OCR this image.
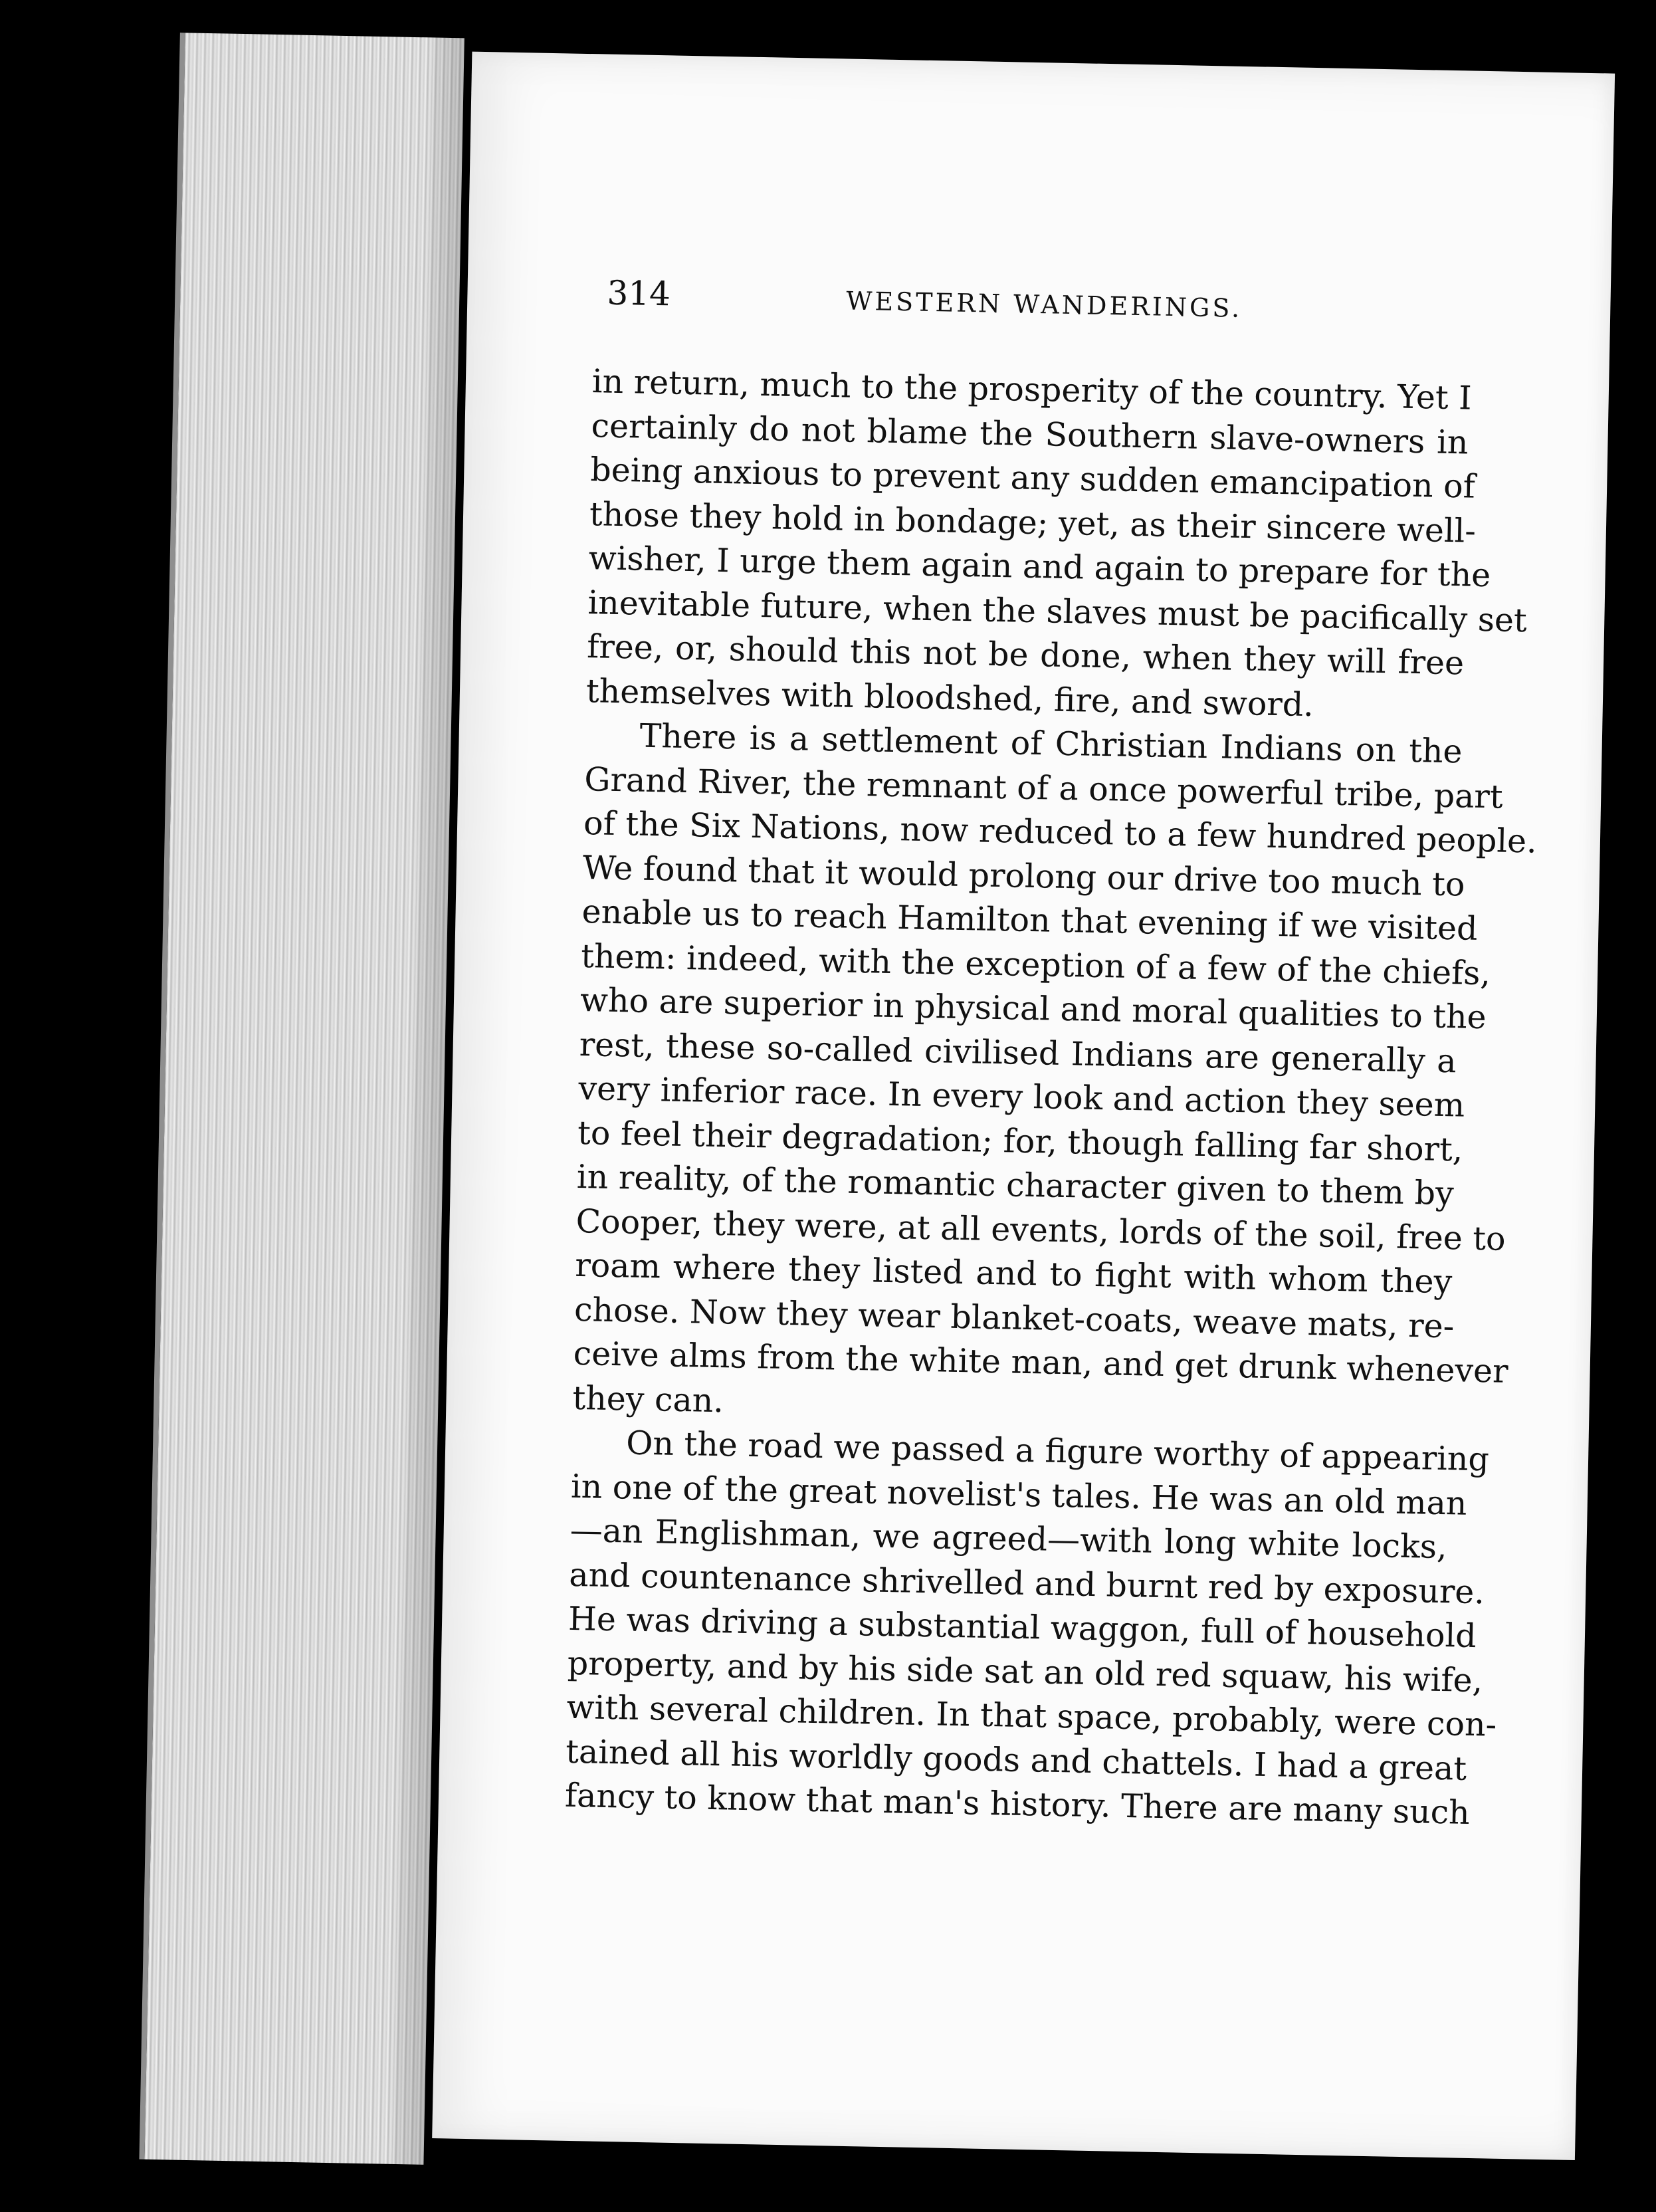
314	WESTERN WANDERINGS.
in return, much to the prosperity of the country. Yet I
certainly do not blame the Southern slave-owners in
being anxious to prevent any sudden emancipation of
those they hold in bondage; yet, as their sincere well-
wisher, I urge them again and again to prepare for the
inevitable future, when the slaves must be pacifically set
free, or, should this not be done, when they will free
themselves with bloodshed, fire, and sword.
There is a settlement of Christian Indians on the
Grand River, the remnant of a once powerful tribe, part
of the Six Nations, now reduced to a few hundred people.
We found that it would prolong our drive too much to
enable us to reach Hamilton that evening if we visited
them: indeed, with the exception of a few of the chiefs,
who are superior in physical and moral qualities to the
rest, these so-called civilised Indians are generally a
very inferior race. In every look and action they seem
to feel their degradation; for, though falling far short,
in reality, of the romantic character given to them by
Cooper, they were, at all events, lords of the soil, free to
roam where they listed and to fight with whom they
chose. Now they wear blanket-coats, weave mats, re-
ceive alms from the white man, and get drunk whenever
they can.
On the road we passed a figure worthy of appearing
in one of the great novelist's tales. He was an old man
—an Englishman, we agreed—with long white locks,
and countenance shrivelled and burnt red by exposure.
He was driving a substantial waggon, full of household
property, and by his side sat an old red squaw, his wife,
with several children. In that space, probably, were con-
tained all his worldly goods and chattels. I had a great
fancy to know that man's history. There are many such
